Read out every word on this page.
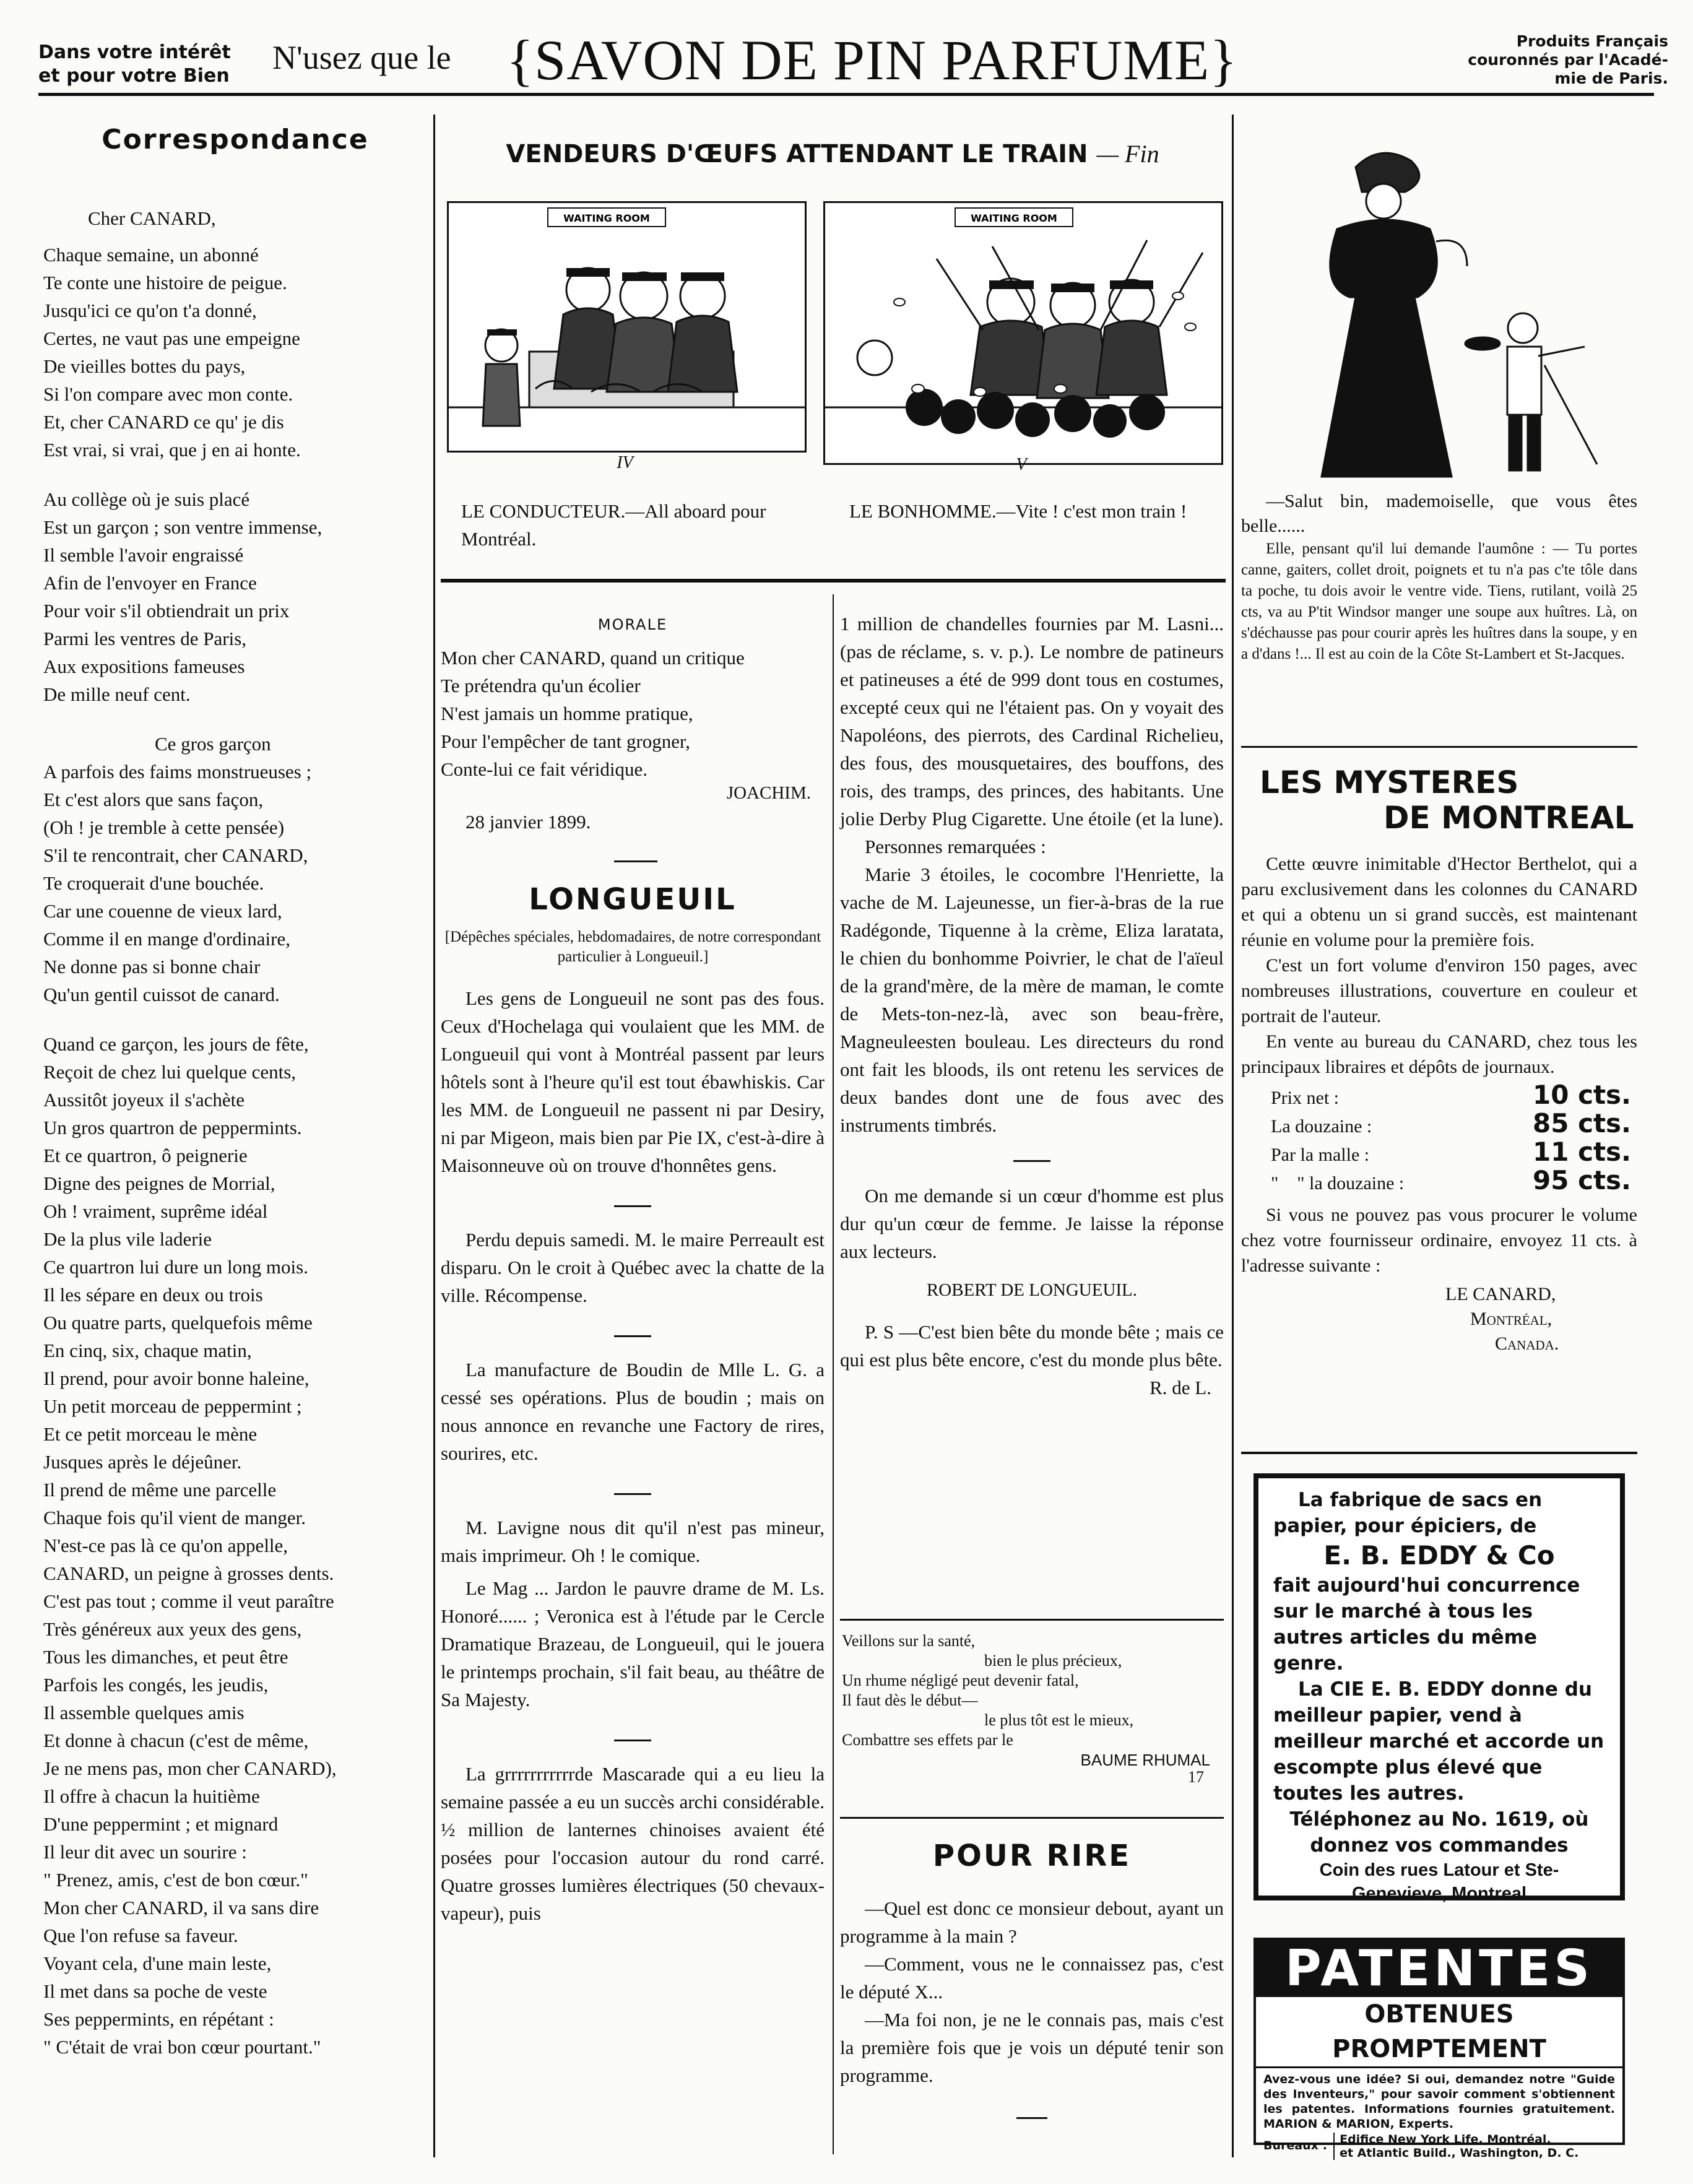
Dans votre intérêt
et pour votre Bien	N'usez que le {SAVON DE PIN PARFUME}	Produits Français
couronnés par l'Acadé-
mie de Paris.
Correspondance
Cher CANARD,
Chaque semaine, un abonné
Te conte une histoire de peigue.
Jusqu'ici ce qu'on t'a donné,
Certes, ne vaut pas une empeigne
De vieilles bottes du pays,
Si l'on compare avec mon conte.
Et, cher CANARD ce qu' je dis
Est vrai, si vrai, que j en ai honte.
Au collège où je suis placé
Est un garçon ; son ventre immense,
Il semble l'avoir engraissé
Afin de l'envoyer en France
Pour voir s'il obtiendrait un prix
Parmi les ventres de Paris,
Aux expositions fameuses
De mille neuf cent.
Ce gros garçon
A parfois des faims monstrueuses ;
Et c'est alors que sans façon,
(Oh ! je tremble à cette pensée)
S'il te rencontrait, cher CANARD,
Te croquerait d'une bouchée.
Car une couenne de vieux lard,
Comme il en mange d'ordinaire,
Ne donne pas si bonne chair
Qu'un gentil cuissot de canard.
Quand ce garçon, les jours de fête,
Reçoit de chez lui quelque cents,
Aussitôt joyeux il s'achète
Un gros quartron de peppermints.
Et ce quartron, ô peignerie
Digne des peignes de Morrial,
Oh ! vraiment, suprême idéal
De la plus vile laderie
Ce quartron lui dure un long mois.
Il les sépare en deux ou trois
Ou quatre parts, quelquefois même
En cinq, six, chaque matin,
Il prend, pour avoir bonne haleine,
Un petit morceau de peppermint ;
Et ce petit morceau le mène
Jusques après le déjeûner.
Il prend de même une parcelle
Chaque fois qu'il vient de manger.
N'est-ce pas là ce qu'on appelle,
CANARD, un peigne à grosses dents.
C'est pas tout ; comme il veut paraître
Très généreux aux yeux des gens,
Tous les dimanches, et peut être
Parfois les congés, les jeudis,
Il assemble quelques amis
Et donne à chacun (c'est de même,
Je ne mens pas, mon cher CANARD),
Il offre à chacun la huitième
D'une peppermint ; et mignard
Il leur dit avec un sourire :
" Prenez, amis, c'est de bon cœur."
Mon cher CANARD, il va sans dire
Que l'on refuse sa faveur.
Voyant cela, d'une main leste,
Il met dans sa poche de veste
Ses peppermints, en répétant :
" C'était de vrai bon cœur pourtant."
VENDEURS D'ŒUFS ATTENDANT LE TRAIN — Fin
WAITING ROOM
IV
LE CONDUCTEUR.—All aboard pour Montréal.
WAITING ROOM
V
LE BONHOMME.—Vite ! c'est mon train !
MORALE
Mon cher CANARD, quand un critique
Te prétendra qu'un écolier
N'est jamais un homme pratique,
Pour l'empêcher de tant grogner,
Conte-lui ce fait véridique.
JOACHIM.
28 janvier 1899.
LONGUEUIL
[Dépêches spéciales, hebdomadaires, de notre correspondant particulier à Longueuil.]

Les gens de Longueuil ne sont pas des fous. Ceux d'Hochelaga qui voulaient que les MM. de Longueuil qui vont à Montréal passent par leurs hôtels sont à l'heure qu'il est tout ébawhiskis. Car les MM. de Longueuil ne passent ni par Desiry, ni par Migeon, mais bien par Pie IX, c'est-à-dire à Maisonneuve où on trouve d'honnêtes gens.

Perdu depuis samedi. M. le maire Perreault est disparu. On le croit à Québec avec la chatte de la ville. Récompense.

La manufacture de Boudin de Mlle L. G. a cessé ses opérations. Plus de boudin ; mais on nous annonce en revanche une Factory de rires, sourires, etc.

M. Lavigne nous dit qu'il n'est pas mineur, mais imprimeur. Oh ! le comique.

Le Mag ... Jardon le pauvre drame de M. Ls. Honoré...... ; Veronica est à l'étude par le Cercle Dramatique Brazeau, de Longueuil, qui le jouera le printemps prochain, s'il fait beau, au théâtre de Sa Majesty.

La grrrrrrrrrrrde Mascarade qui a eu lieu la semaine passée a eu un succès archi considérable. ½ million de lanternes chinoises avaient été posées pour l'occasion autour du rond carré. Quatre grosses lumières électriques (50 chevaux-vapeur), puis

1 million de chandelles fournies par M. Lasni... (pas de réclame, s. v. p.). Le nombre de patineurs et patineuses a été de 999 dont tous en costumes, excepté ceux qui ne l'étaient pas. On y voyait des Napoléons, des pierrots, des Cardinal Richelieu, des fous, des mousquetaires, des bouffons, des rois, des tramps, des princes, des habitants. Une jolie Derby Plug Cigarette. Une étoile (et la lune).

Personnes remarquées :

Marie 3 étoiles, le cocombre l'Henriette, la vache de M. Lajeunesse, un fier-à-bras de la rue Radégonde, Tiquenne à la crème, Eliza laratata, le chien du bonhomme Poivrier, le chat de l'aïeul de la grand'mère, de la mère de maman, le comte de Mets-ton-nez-là, avec son beau-frère, Magneuleesten bouleau. Les directeurs du rond ont fait les bloods, ils ont retenu les services de deux bandes dont une de fous avec des instruments timbrés.

On me demande si un cœur d'homme est plus dur qu'un cœur de femme. Je laisse la réponse aux lecteurs.

ROBERT DE LONGUEUIL.

P. S —C'est bien bête du monde bête ; mais ce qui est plus bête encore, c'est du monde plus bête.

R. de L.
Veillons sur la santé,
bien le plus précieux,
Un rhume négligé peut devenir fatal,
Il faut dès le début—
le plus tôt est le mieux,
Combattre ses effets par le
BAUME RHUMAL
17
POUR RIRE

—Quel est donc ce monsieur debout, ayant un programme à la main ?

—Comment, vous ne le connaissez pas, c'est le député X...

—Ma foi non, je ne le connais pas, mais c'est la première fois que je vois un député tenir son programme.

—Salut bin, mademoiselle, que vous êtes belle......

Elle, pensant qu'il lui demande l'aumône : — Tu portes canne, gaiters, collet droit, poignets et tu n'a pas c'te tôle dans ta poche, tu dois avoir le ventre vide. Tiens, rutilant, voilà 25 cts, va au P'tit Windsor manger une soupe aux huîtres. Là, on s'déchausse pas pour courir après les huîtres dans la soupe, y en a d'dans !... Il est au coin de la Côte St-Lambert et St-Jacques.

LES MYSTERES
DE MONTREAL

Cette œuvre inimitable d'Hector Berthelot, qui a paru exclusivement dans les colonnes du CANARD et qui a obtenu un si grand succès, est maintenant réunie en volume pour la première fois.

C'est un fort volume d'environ 150 pages, avec nombreuses illustrations, couverture en couleur et portrait de l'auteur.

En vente au bureau du CANARD, chez tous les principaux libraires et dépôts de journaux.

Prix net :	10 cts.
La douzaine :	85 cts.
Par la malle :	11 cts.
"    " la douzaine :	95 cts.

Si vous ne pouvez pas vous procurer le volume chez votre fournisseur ordinaire, envoyez 11 cts. à l'adresse suivante :

LE CANARD,
Montréal,
Canada.
La fabrique de sacs en papier, pour épiciers, de
E. B. EDDY & Co
fait aujourd'hui concurrence sur le marché à tous les autres articles du même genre.
La CIE E. B. EDDY donne du meilleur papier, vend à meilleur marché et accorde un escompte plus élevé que toutes les autres.
Téléphonez au No. 1619, où donnez vos commandes
Coin des rues Latour et Ste-Genevieve, Montreal
PATENTES
OBTENUES PROMPTEMENT
Avez-vous une idée? Si oui, demandez notre "Guide des Inventeurs," pour savoir comment s'obtiennent les patentes. Informations fournies gratuitement. MARION & MARION, Experts.
Bureaux : Edifice New York Life, Montréal.
et Atlantic Build., Washington, D. C.
